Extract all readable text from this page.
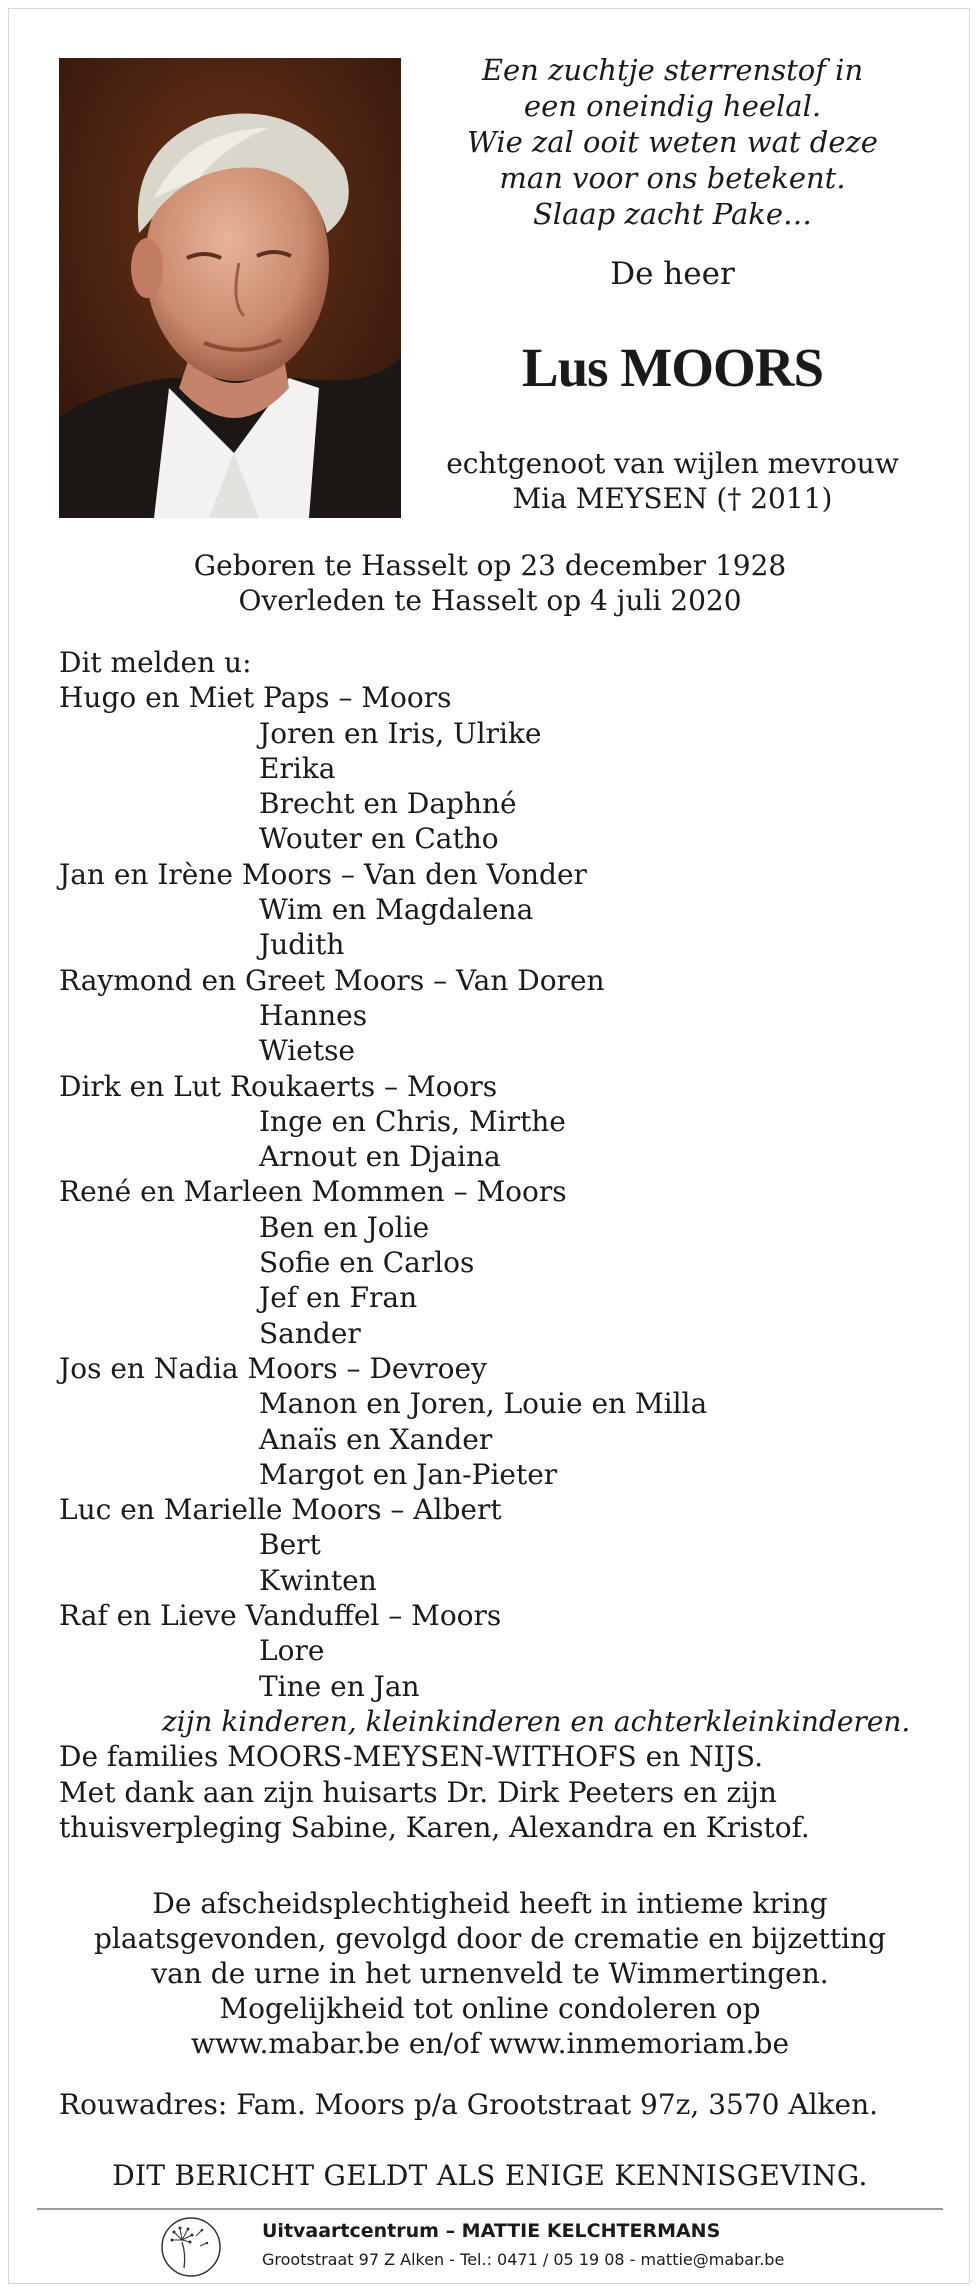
Een zuchtje sterrenstof in
een oneindig heelal.
Wie zal ooit weten wat deze
man voor ons betekent.
Slaap zacht Pake…
De heer
Lus MOORS
echtgenoot van wijlen mevrouw
Mia MEYSEN († 2011)
Geboren te Hasselt op 23 december 1928
Overleden te Hasselt op 4 juli 2020
Dit melden u:
Hugo en Miet Paps – Moors
Joren en Iris, Ulrike
Erika
Brecht en Daphné
Wouter en Catho
Jan en Irène Moors – Van den Vonder
Wim en Magdalena
Judith
Raymond en Greet Moors – Van Doren
Hannes
Wietse
Dirk en Lut Roukaerts – Moors
Inge en Chris, Mirthe
Arnout en Djaina
René en Marleen Mommen – Moors
Ben en Jolie
Sofie en Carlos
Jef en Fran
Sander
Jos en Nadia Moors – Devroey
Manon en Joren, Louie en Milla
Anaïs en Xander
Margot en Jan-Pieter
Luc en Marielle Moors – Albert
Bert
Kwinten
Raf en Lieve Vanduffel – Moors
Lore
Tine en Jan
zijn kinderen, kleinkinderen en achterkleinkinderen.
De families MOORS-MEYSEN-WITHOFS en NIJS.
Met dank aan zijn huisarts Dr. Dirk Peeters en zijn
thuisverpleging Sabine, Karen, Alexandra en Kristof.
De afscheidsplechtigheid heeft in intieme kring
plaatsgevonden, gevolgd door de crematie en bijzetting
van de urne in het urnenveld te Wimmertingen.
Mogelijkheid tot online condoleren op
www.mabar.be en/of www.inmemoriam.be
Rouwadres: Fam. Moors p/a Grootstraat 97z, 3570 Alken.
DIT BERICHT GELDT ALS ENIGE KENNISGEVING.
Uitvaartcentrum – MATTIE KELCHTERMANS
Grootstraat 97 Z Alken - Tel.: 0471 / 05 19 08 - mattie@mabar.be
